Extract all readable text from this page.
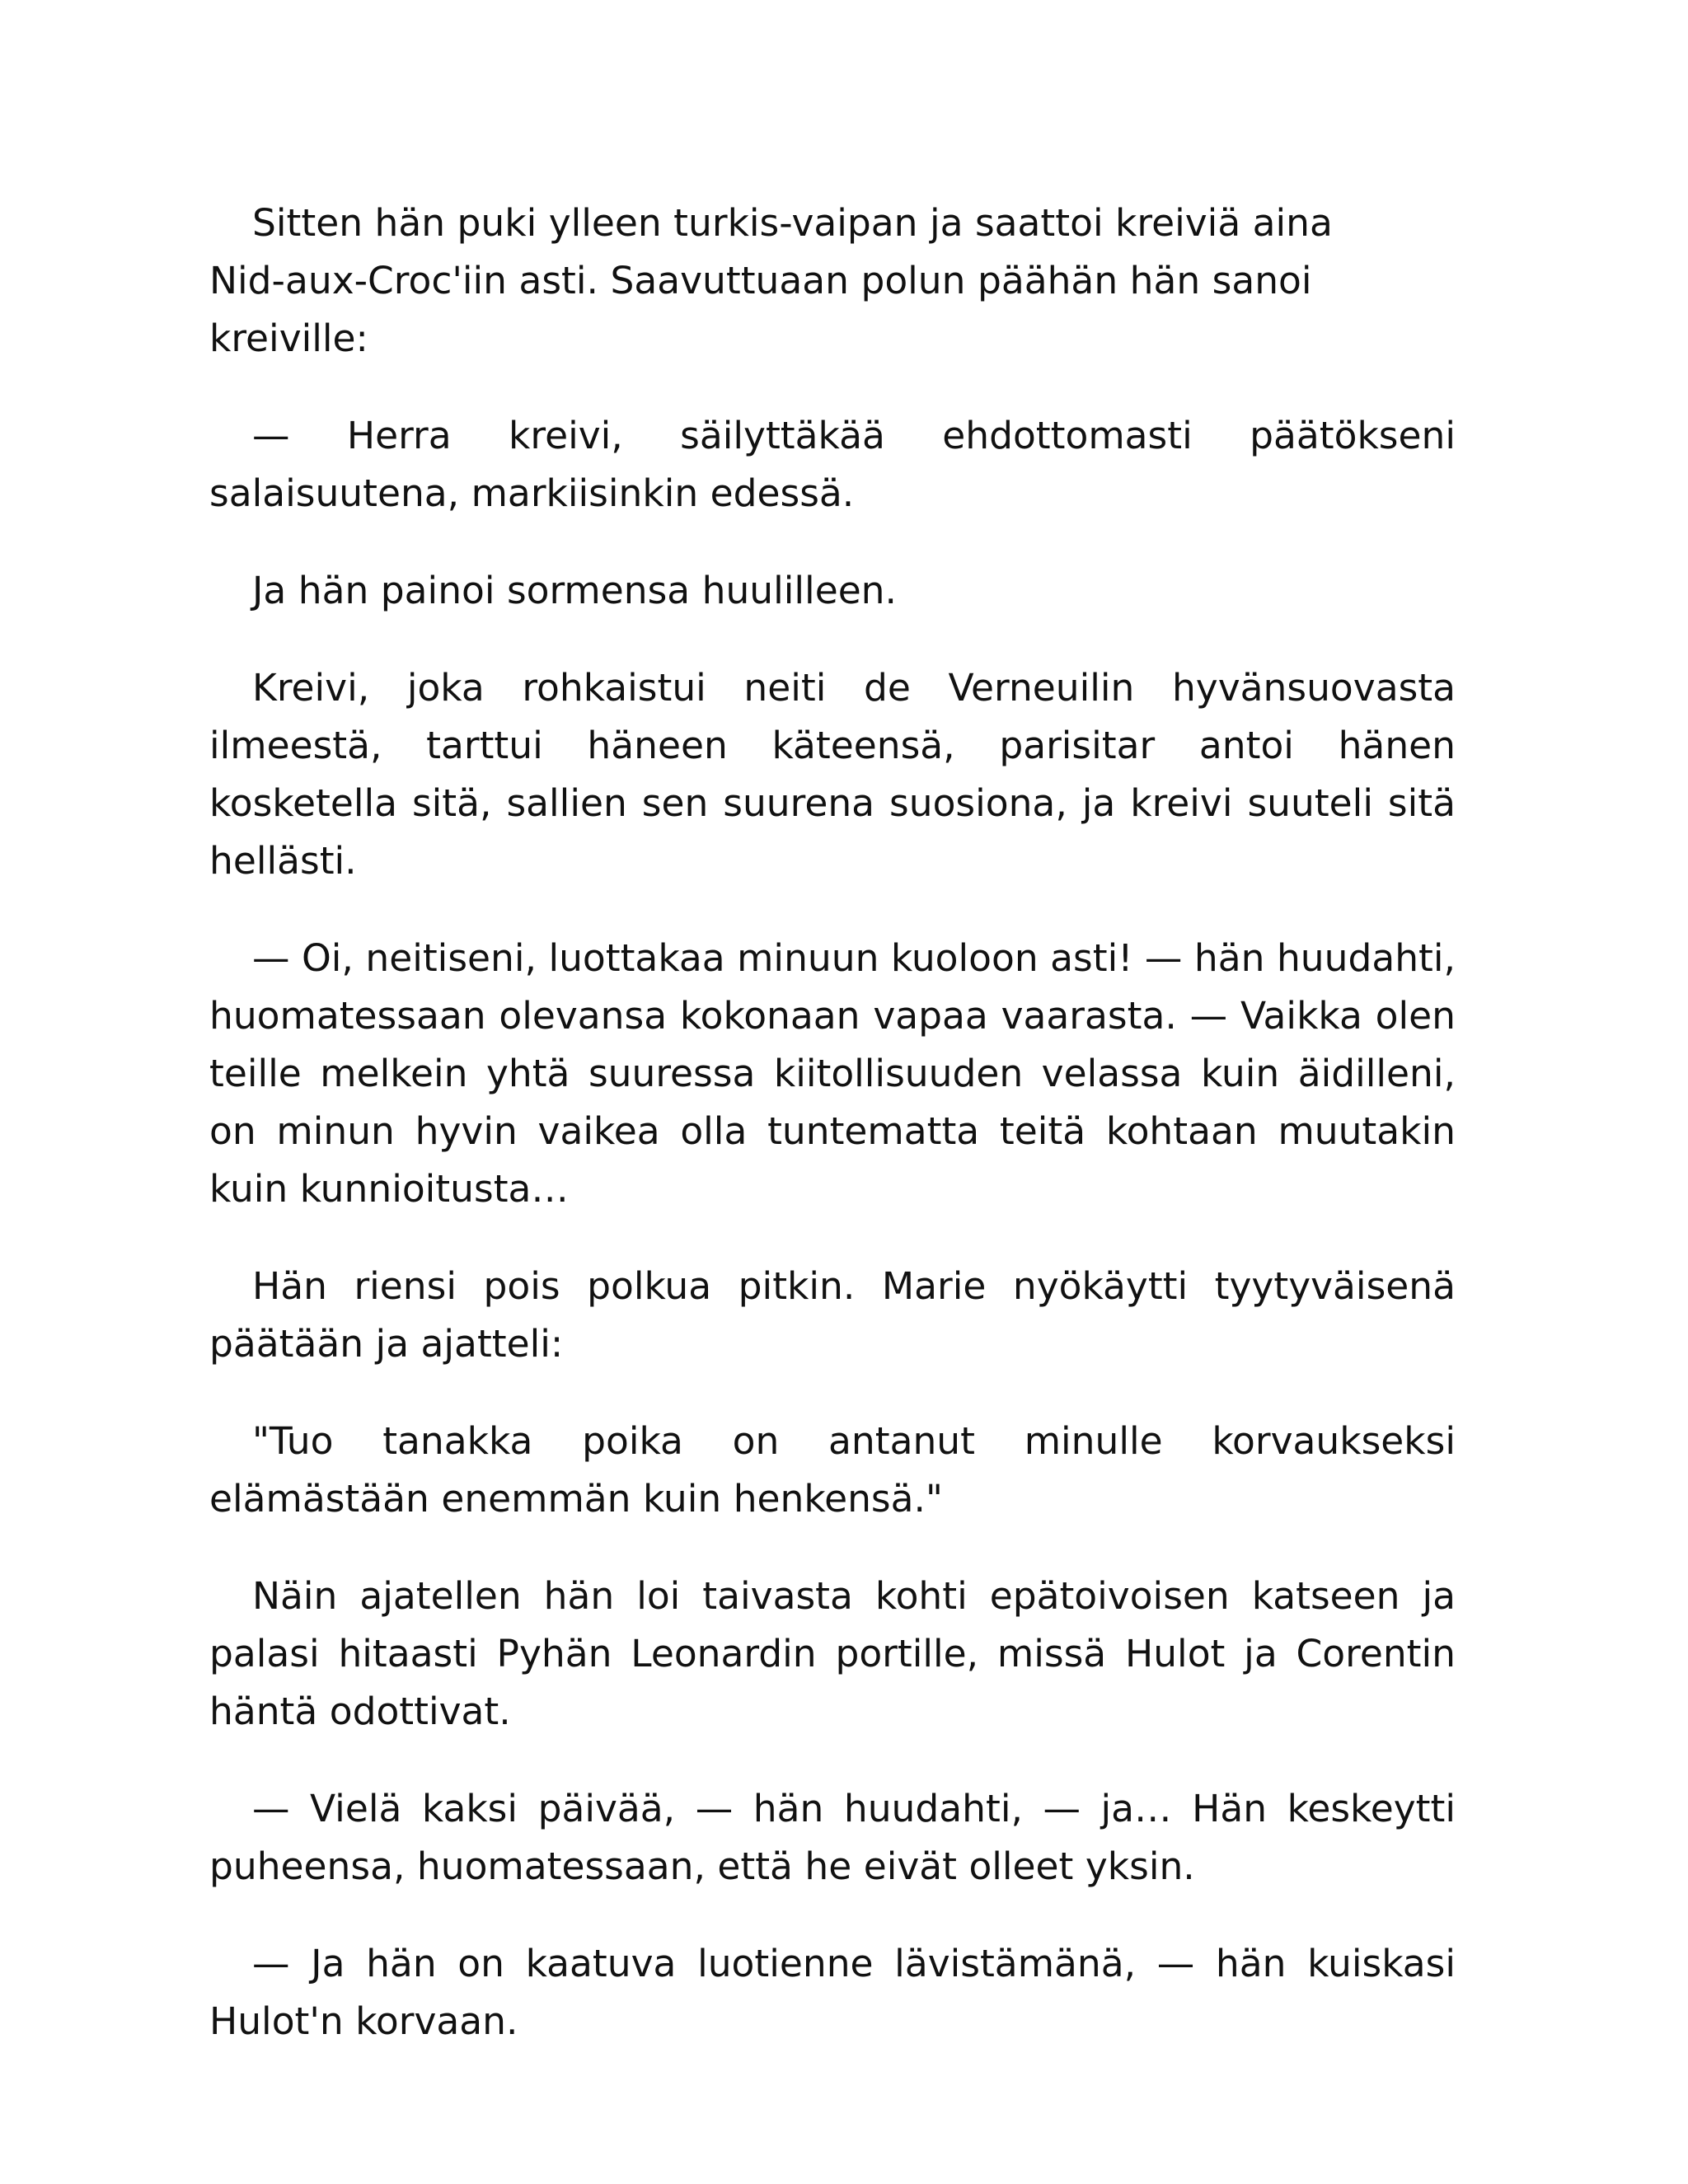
Sitten hän puki ylleen turkis-vaipan ja saattoi kreiviä aina

Nid-aux-Croc'iin asti. Saavuttuaan polun päähän hän sanoi kreiville:

— Herra kreivi, säilyttäkää ehdottomasti päätökseni salaisuutena, markiisinkin edessä.

Ja hän painoi sormensa huulilleen.

Kreivi, joka rohkaistui neiti de Verneuilin hyvänsuovasta ilmeestä, tarttui häneen käteensä, parisitar antoi hänen kosketella sitä, sallien sen suurena suosiona, ja kreivi suuteli sitä hellästi.

— Oi, neitiseni, luottakaa minuun kuoloon asti! — hän huudahti, huomatessaan olevansa kokonaan vapaa vaarasta. — Vaikka olen teille melkein yhtä suuressa kiitollisuuden velassa kuin äidilleni, on minun hyvin vaikea olla tuntematta teitä kohtaan muutakin kuin kunnioitusta…

Hän riensi pois polkua pitkin. Marie nyökäytti tyytyväisenä päätään ja ajatteli:

"Tuo tanakka poika on antanut minulle korvaukseksi elämästään enemmän kuin henkensä."

Näin ajatellen hän loi taivasta kohti epätoivoisen katseen ja palasi hitaasti Pyhän Leonardin portille, missä Hulot ja Corentin häntä odottivat.

— Vielä kaksi päivää, — hän huudahti, — ja… Hän keskeytti puheensa, huomatessaan, että he eivät olleet yksin.

— Ja hän on kaatuva luotienne lävistämänä, — hän kuiskasi Hulot'n korvaan.
